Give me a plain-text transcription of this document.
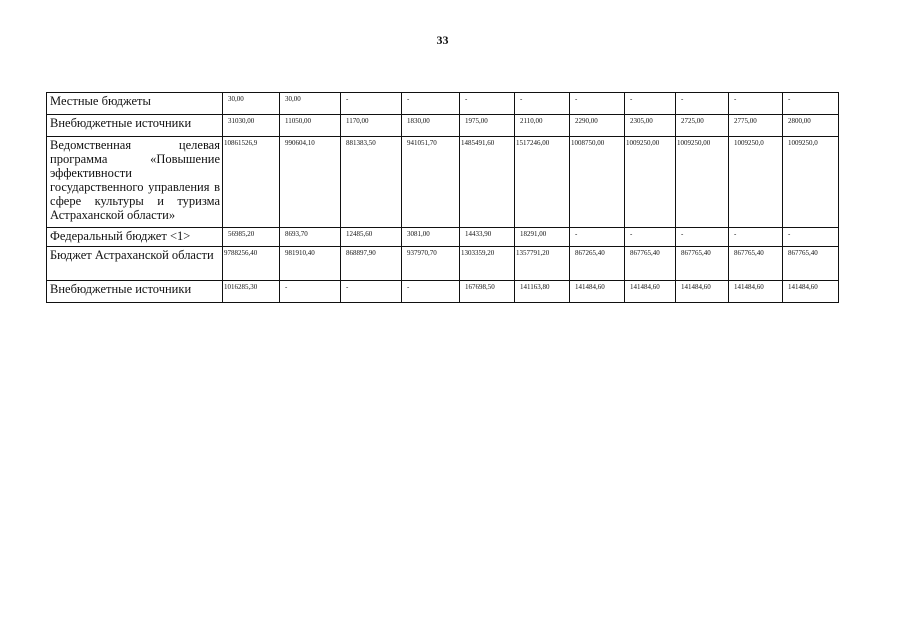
33
Местные бюджеты	30,00	30,00	-	-	-	-	-	-	-	-	-
Внебюджетные источники	31030,00	11050,00	1170,00	1830,00	1975,00	2110,00	2290,00	2305,00	2725,00	2775,00	2800,00
Ведомственная целевая программа «Повышение эффективности государственного управления в сфере культуры и туризма Астраханской области»	10861526,9	990604,10	881383,50	941051,70	1485491,60	1517246,00	1008750,00	1009250,00	1009250,00	1009250,0	1009250,0
Федеральный бюджет <1>	56985,20	8693,70	12485,60	3081,00	14433,90	18291,00	-	-	-	-	-
Бюджет Астраханской области	9788256,40	981910,40	868897,90	937970,70	1303359,20	1357791,20	867265,40	867765,40	867765,40	867765,40	867765,40
Внебюджетные источники	1016285,30	-	-	-	167698,50	141163,80	141484,60	141484,60	141484,60	141484,60	141484,60
